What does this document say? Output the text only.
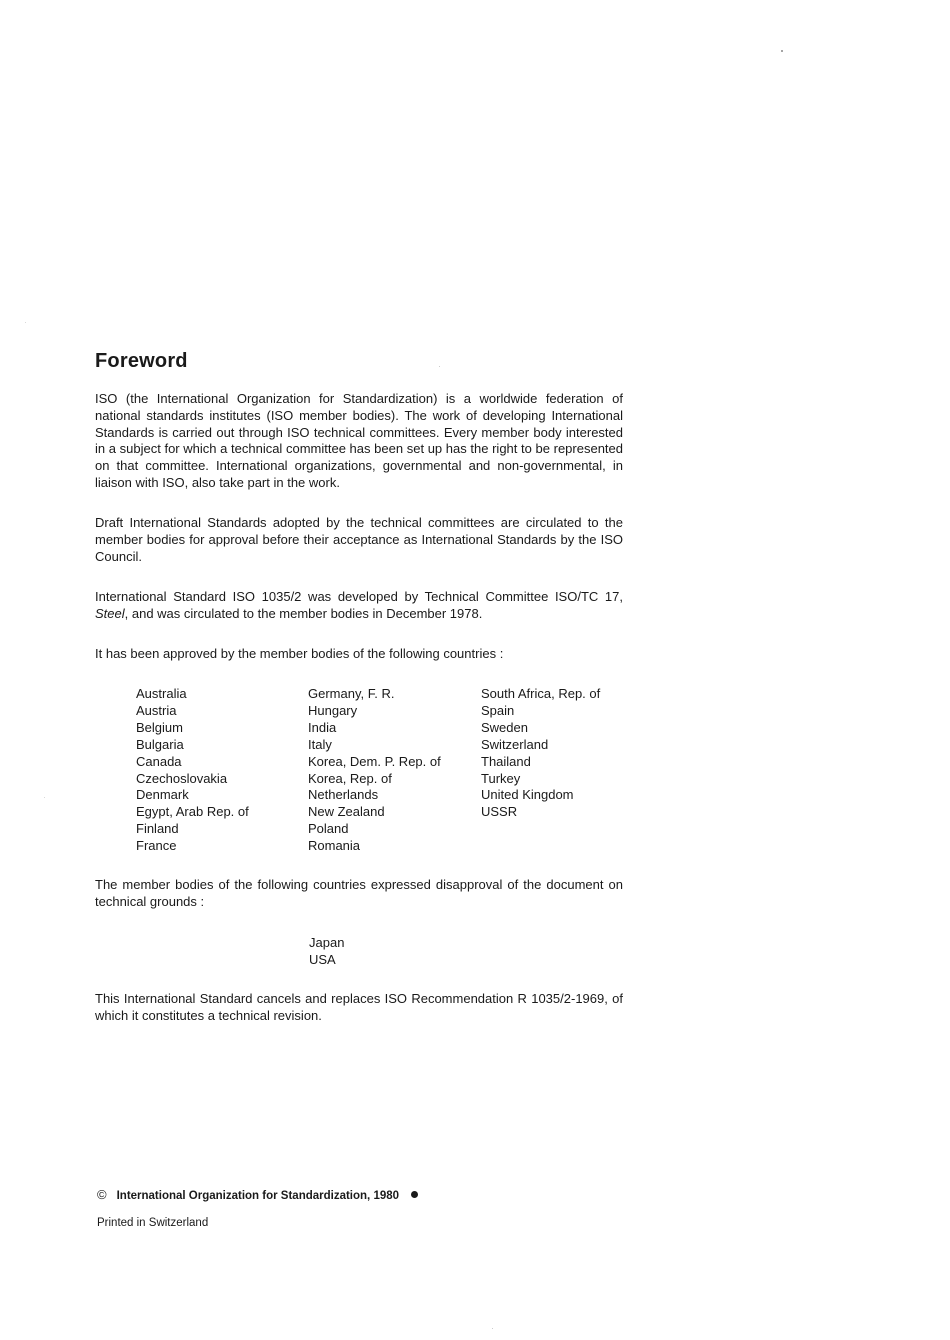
Foreword

ISO (the International Organization for Standardization) is a worldwide federation of national standards institutes (ISO member bodies). The work of developing International Standards is carried out through ISO technical committees. Every member body interested in a subject for which a technical committee has been set up has the right to be represented on that committee. International organizations, governmental and non-governmental, in liaison with ISO, also take part in the work.

Draft International Standards adopted by the technical committees are circulated to the member bodies for approval before their acceptance as International Standards by the ISO Council.

International Standard ISO 1035/2 was developed by Technical Committee ISO/TC 17, Steel, and was circulated to the member bodies in December 1978.

It has been approved by the member bodies of the following countries :

Australia
Austria
Belgium
Bulgaria
Canada
Czechoslovakia
Denmark
Egypt, Arab Rep. of
Finland
France
Germany, F. R.
Hungary
India
Italy
Korea, Dem. P. Rep. of
Korea, Rep. of
Netherlands
New Zealand
Poland
Romania
South Africa, Rep. of
Spain
Sweden
Switzerland
Thailand
Turkey
United Kingdom
USSR

The member bodies of the following countries expressed disapproval of the document on technical grounds :

Japan
USA

This International Standard cancels and replaces ISO Recommendation R 1035/2-1969, of which it constitutes a technical revision.

© International Organization for Standardization, 1980
Printed in Switzerland
